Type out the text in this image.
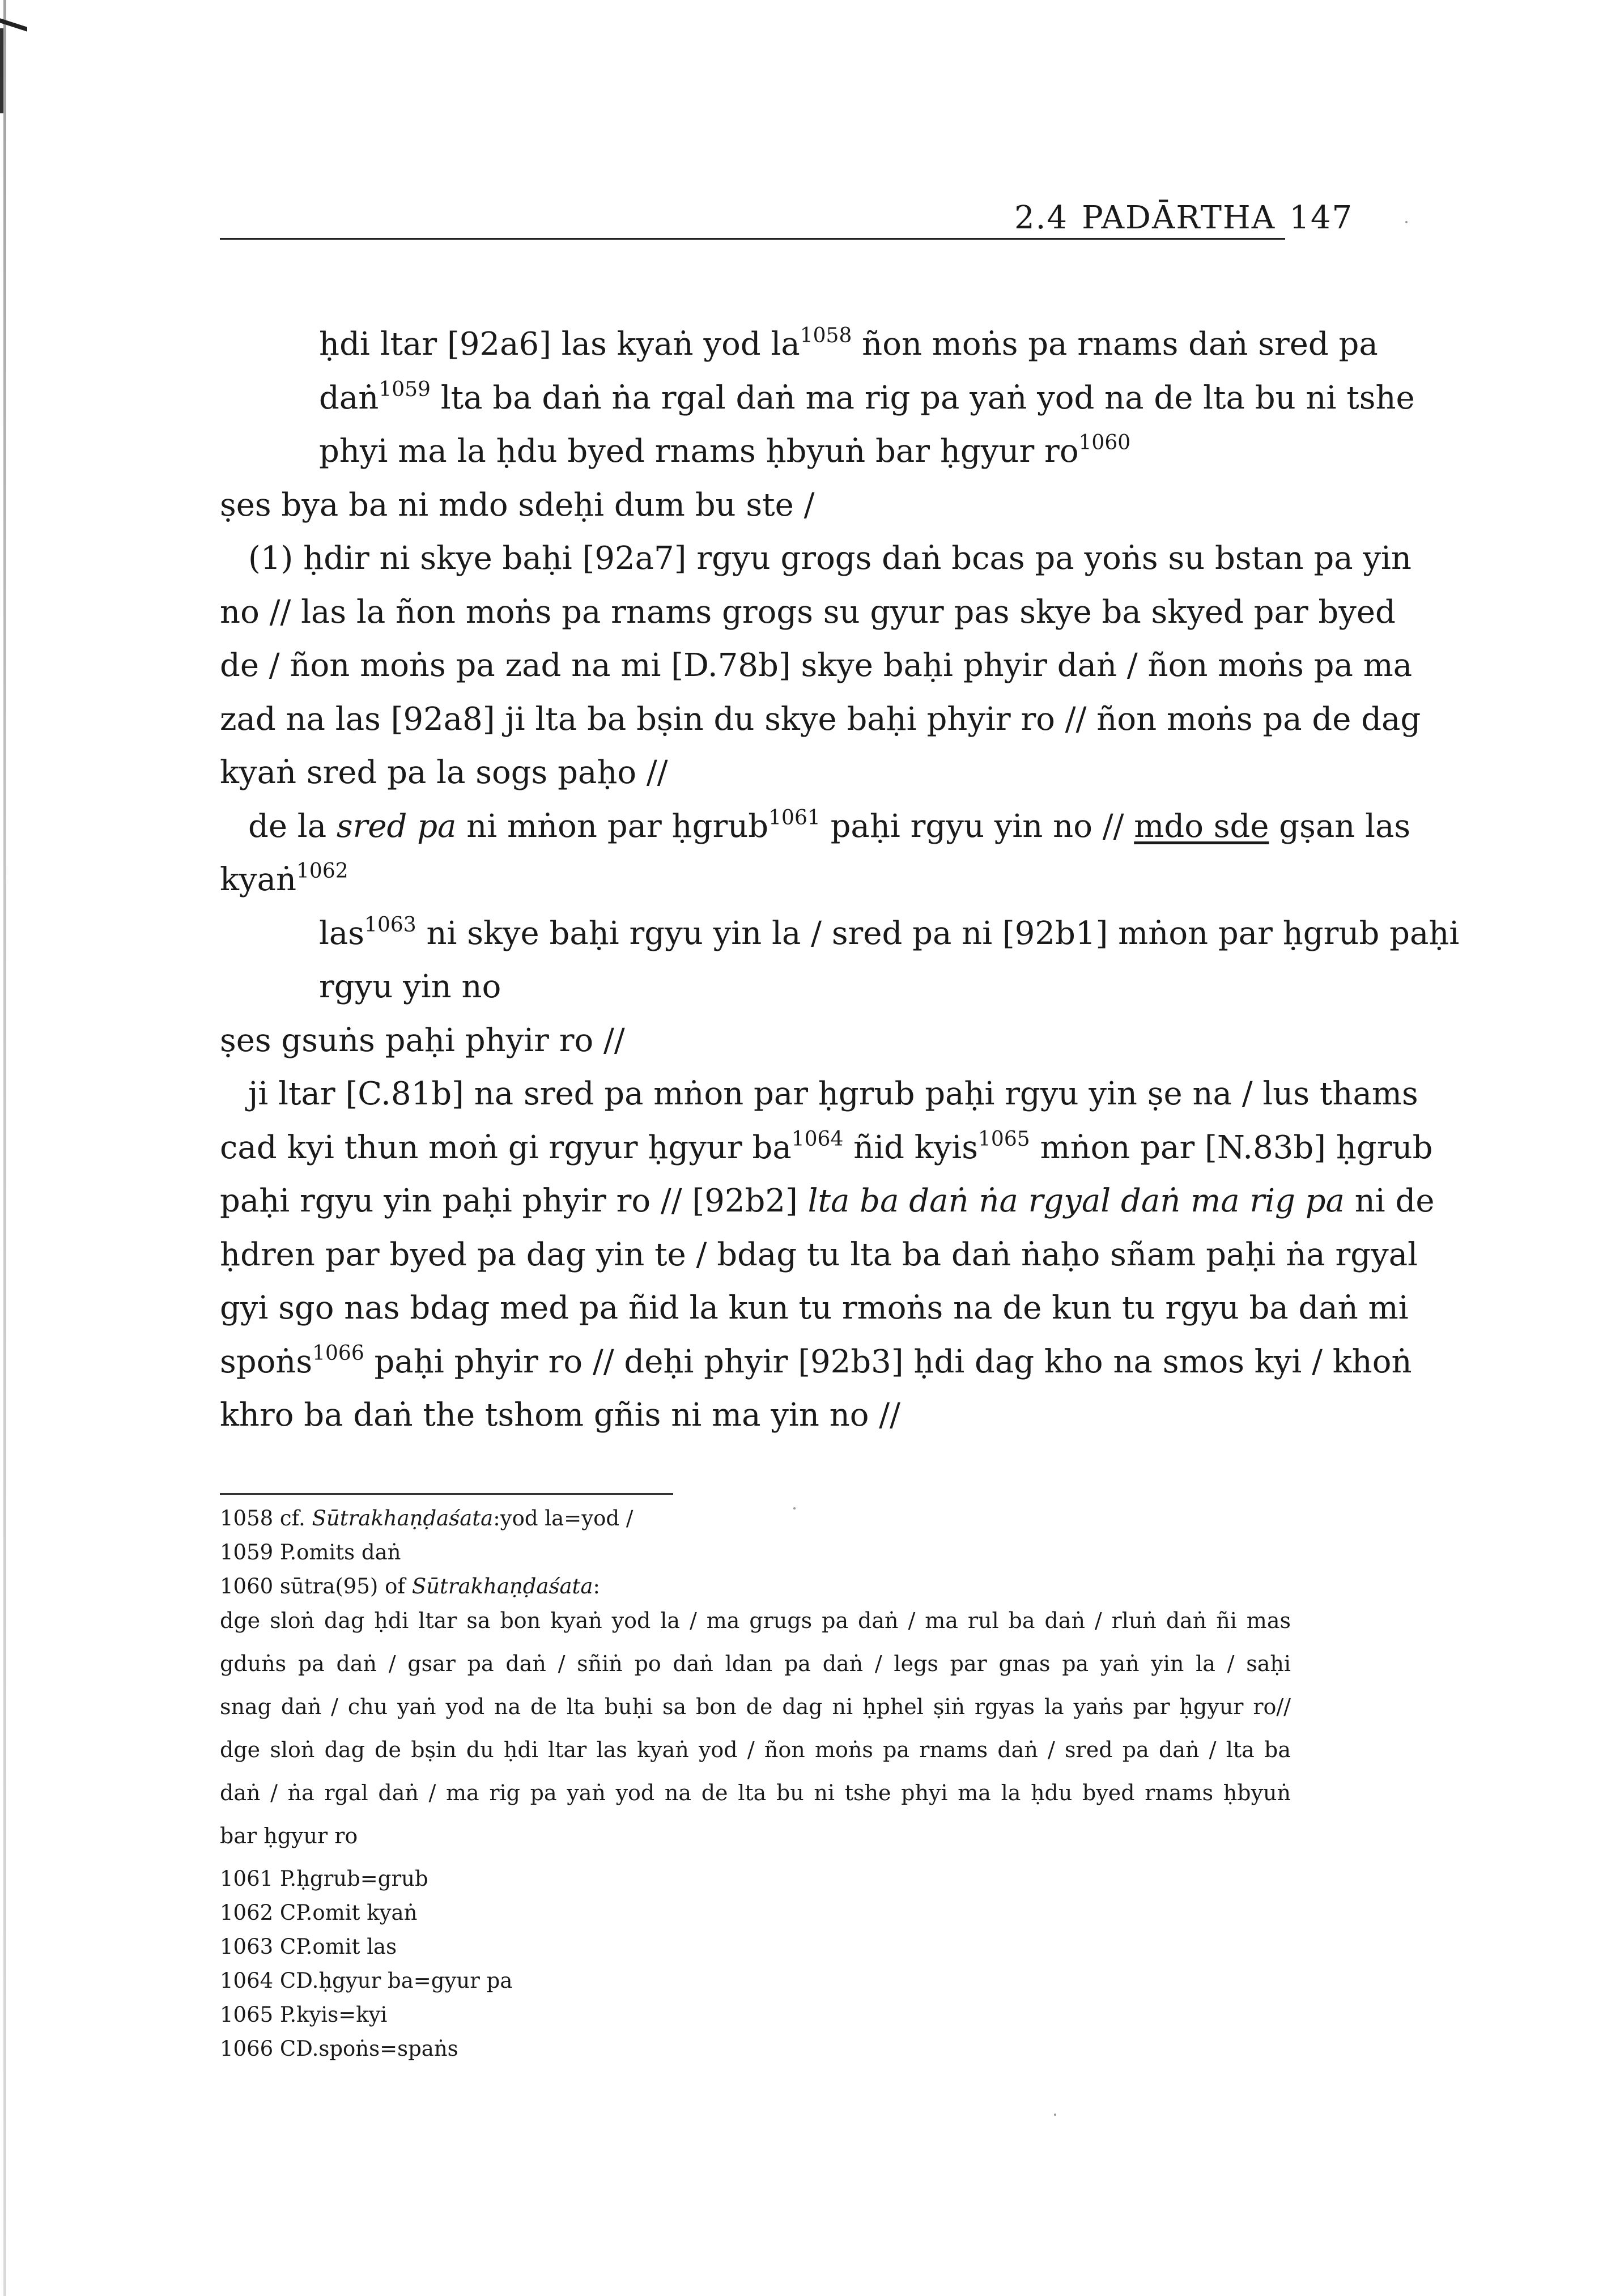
2.4 PADĀRTHA 147
ḥdi ltar [92a6] las kyaṅ yod $la^{1058}$ ñon moṅs pa rnams daṅ sred pa
daṅ$^{1059}$ lta ba daṅ ṅa rgal daṅ ma rig pa yaṅ yod na de lta bu ni tshe
phyi ma la ḥdu byed rnams ḥbyuṅ bar ḥgyur $ro^{1060}$
ṣes bya ba ni mdo sdeḥi dum bu ste /
(1) ḥdir ni skye baḥi [92a7] rgyu grogs daṅ bcas pa yoṅs su bstan pa yin
no // las la ñon moṅs pa rnams grogs su gyur pas skye ba skyed par byed
de / ñon moṅs pa zad na mi [D.78b] skye baḥi phyir daṅ / ñon moṅs pa ma
zad na las [92a8] ji lta ba bṣin du skye baḥi phyir ro // ñon moṅs pa de dag
kyaṅ sred pa la sogs paḥo //
de la sred pa ni mṅon par ḥgrub$^{1061}$ paḥi rgyu yin no // mdo sde gṣan las
kyaṅ$^{1062}$
las$^{1063}$ ni skye baḥi rgyu yin la / sred pa ni [92b1] mṅon par ḥgrub paḥi
rgyu yin no
ṣes gsuṅs paḥi phyir ro //
ji ltar [C.81b] na sred pa mṅon par ḥgrub paḥi rgyu yin ṣe na / lus thams
cad kyi thun moṅ gi rgyur ḥgyur $ba^{1064}$ ñid kyis$^{1065}$ mṅon par [N.83b] ḥgrub
paḥi rgyu yin paḥi phyir ro // [92b2] lta ba daṅ ṅa rgyal daṅ ma rig pa ni de
ḥdren par byed pa dag yin te / bdag tu lta ba daṅ ṅaḥo sñam paḥi ṅa rgyal
gyi sgo nas bdag med pa ñid la kun tu rmoṅs na de kun tu rgyu ba daṅ mi
spoṅs$^{1066}$ paḥi phyir ro // deḥi phyir [92b3] ḥdi dag kho na smos kyi / khoṅ
khro ba daṅ the tshom gñis ni ma yin no //
1058 cf. Sūtrakhaṇḍaśata:yod la=yod /
1059 P.omits daṅ
1060 sūtra(95) of Sūtrakhaṇḍaśata:
dge sloṅ dag ḥdi ltar sa bon kyaṅ yod la / ma grugs pa daṅ / ma rul ba daṅ / rluṅ daṅ ñi mas
gduṅs pa daṅ / gsar pa daṅ / sñiṅ po daṅ ldan pa daṅ / legs par gnas pa yaṅ yin la / saḥi
snag daṅ / chu yaṅ yod na de lta buḥi sa bon de dag ni ḥphel ṣiṅ rgyas la yaṅs par ḥgyur ro//
dge sloṅ dag de bṣin du ḥdi ltar las kyaṅ yod / ñon moṅs pa rnams daṅ / sred pa daṅ / lta ba
daṅ / ṅa rgal daṅ / ma rig pa yaṅ yod na de lta bu ni tshe phyi ma la ḥdu byed rnams ḥbyuṅ
bar ḥgyur ro
1061 P.ḥgrub=grub
1062 CP.omit kyaṅ
1063 CP.omit las
1064 CD.ḥgyur ba=gyur pa
1065 P.kyis=kyi
1066 CD.spoṅs=spaṅs
